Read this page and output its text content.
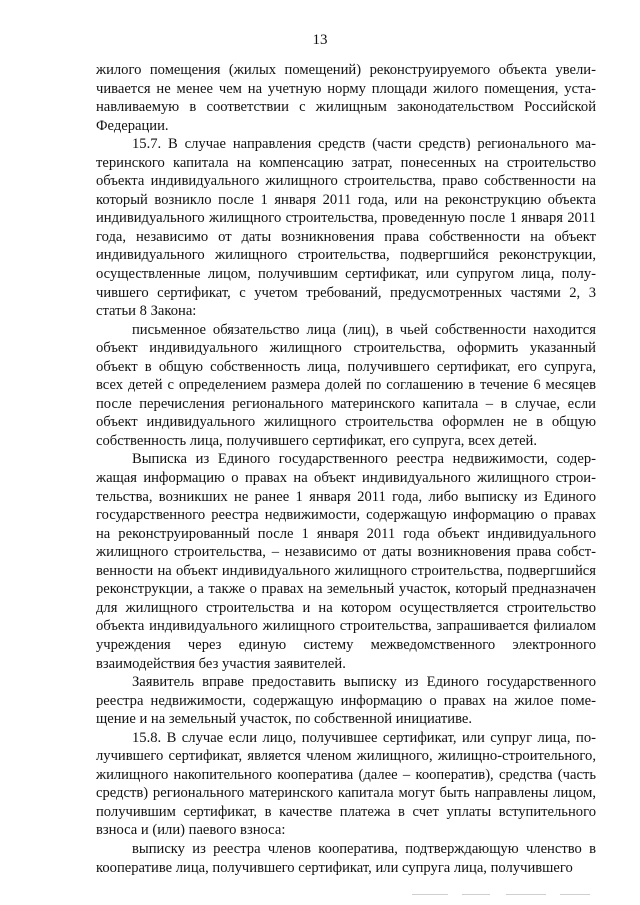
13

жилого помещения (жилых помещений) реконструируемого объекта увеличивается не менее чем на учетную норму площади жилого помещения, устанавливаемую в соответствии с жилищным законодательством Российской Федерации.

15.7. В случае направления средств (части средств) регионального материнского капитала на компенсацию затрат, понесенных на строительство объекта индивидуального жилищного строительства, право собственности на который возникло после 1 января 2011 года, или на реконструкцию объекта индивидуального жилищного строительства, проведенную после 1 января 2011 года, независимо от даты возникновения права собственности на объект индивидуального жилищного строительства, подвергшийся реконструкции, осуществленные лицом, получившим сертификат, или супругом лица, получившего сертификат, с учетом требований, предусмотренных частями 2, 3 статьи 8 Закона:

письменное обязательство лица (лиц), в чьей собственности находится объект индивидуального жилищного строительства, оформить указанный объект в общую собственность лица, получившего сертификат, его супруга, всех детей с определением размера долей по соглашению в течение 6 месяцев после перечисления регионального материнского капитала – в случае, если объект индивидуального жилищного строительства оформлен не в общую собственность лица, получившего сертификат, его супруга, всех детей.

Выписка из Единого государственного реестра недвижимости, содержащая информацию о правах на объект индивидуального жилищного строительства, возникших не ранее 1 января 2011 года, либо выписку из Единого государственного реестра недвижимости, содержащую информацию о правах на реконструированный после 1 января 2011 года объект индивидуального жилищного строительства, – независимо от даты возникновения права собственности на объект индивидуального жилищного строительства, подвергшийся реконструкции, а также о правах на земельный участок, который предназначен для жилищного строительства и на котором осуществляется строительство объекта индивидуального жилищного строительства, запрашивается филиалом учреждения через единую систему межведомственного электронного взаимодействия без участия заявителей.

Заявитель вправе предоставить выписку из Единого государственного реестра недвижимости, содержащую информацию о правах на жилое помещение и на земельный участок, по собственной инициативе.

15.8. В случае если лицо, получившее сертификат, или супруг лица, получившего сертификат, является членом жилищного, жилищно-строительного, жилищного накопительного кооператива (далее – кооператив), средства (часть средств) регионального материнского капитала могут быть направлены лицом, получившим сертификат, в качестве платежа в счет уплаты вступительного взноса и (или) паевого взноса:

выписку из реестра членов кооператива, подтверждающую членство в кооперативе лица, получившего сертификат, или супруга лица, получившего
